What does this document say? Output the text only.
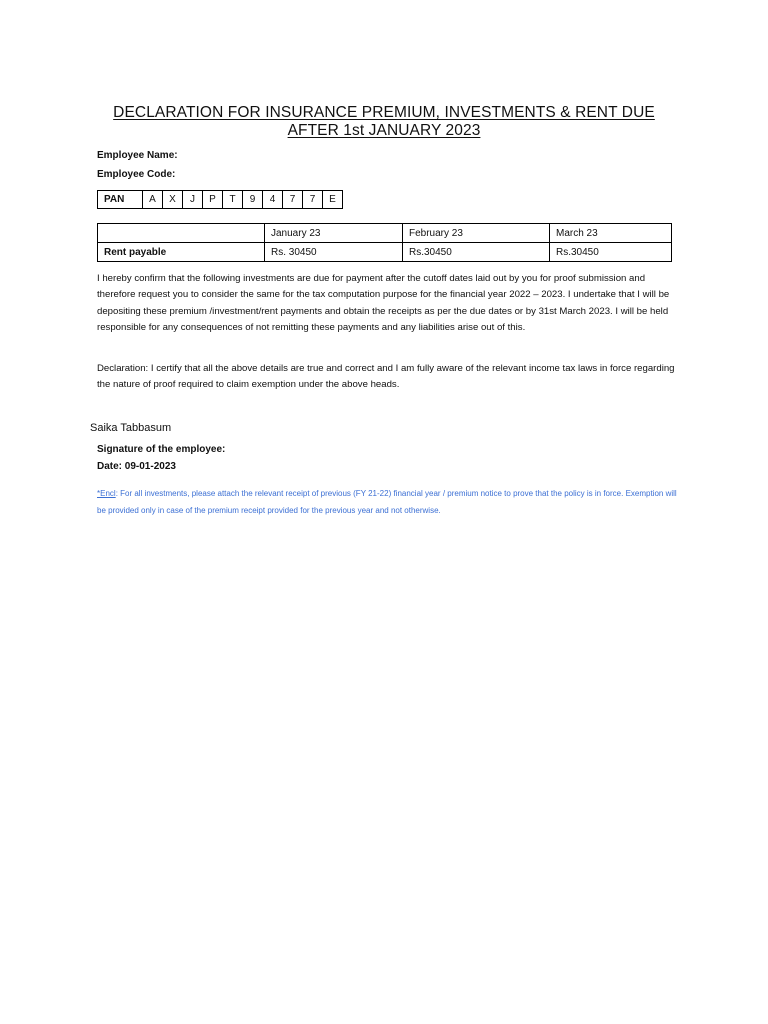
DECLARATION FOR INSURANCE PREMIUM, INVESTMENTS & RENT DUE
AFTER 1st JANUARY 2023
Employee Name:
Employee Code:
PAN	A	X	J	P	T	9	4	7	7	E
	January 23	February 23	March 23
Rent payable	Rs. 30450	Rs.30450	Rs.30450
I hereby confirm that the following investments are due for payment after the cutoff dates laid out by you for proof submission and therefore request you to consider the same for the tax computation purpose for the financial year 2022 – 2023. I undertake that I will be depositing these premium /investment/rent payments and obtain the receipts as per the due dates or by 31st March 2023. I will be held responsible for any consequences of not remitting these payments and any liabilities arise out of this.
Declaration: I certify that all the above details are true and correct and I am fully aware of the relevant income tax laws in force regarding the nature of proof required to claim exemption under the above heads.
Saika Tabbasum
Signature of the employee:
Date: 09-01-2023
*Encl: For all investments, please attach the relevant receipt of previous (FY 21-22) financial year / premium notice to prove that the policy is in force. Exemption will be provided only in case of the premium receipt provided for the previous year and not otherwise.
